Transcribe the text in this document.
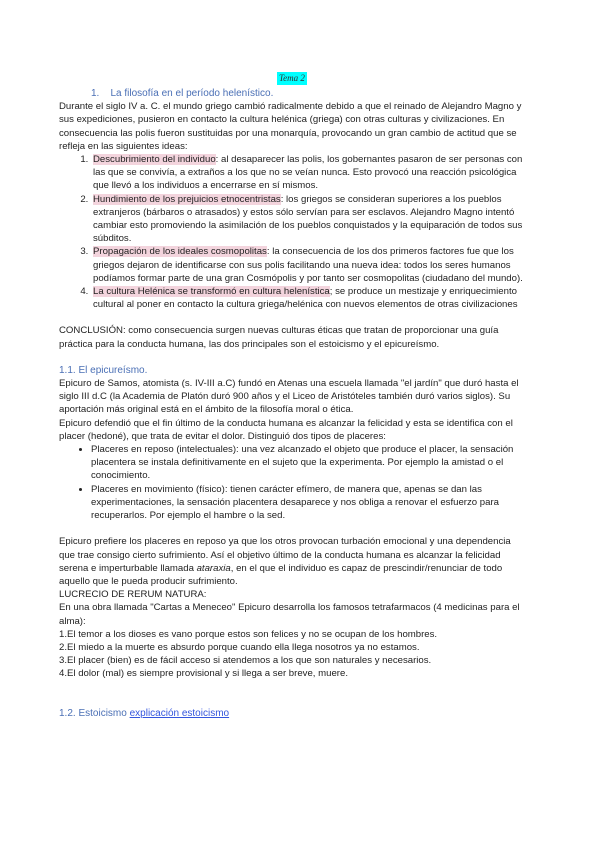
Tema 2

1. La filosofía en el período helenístico.

Durante el siglo IV a. C. el mundo griego cambió radicalmente debido a que el reinado de Alejandro Magno y sus expediciones, pusieron en contacto la cultura helénica (griega) con otras culturas y civilizaciones. En consecuencia las polis fueron sustituidas por una monarquía, provocando un gran cambio de actitud que se refleja en las siguientes ideas:

1. Descubrimiento del individuo: al desaparecer las polis, los gobernantes pasaron de ser personas con las que se convivía, a extraños a los que no se veían nunca. Esto provocó una reacción psicológica que llevó a los individuos a encerrarse en sí mismos.
2. Hundimiento de los prejuicios etnocentristas: los griegos se consideran superiores a los pueblos extranjeros (bárbaros o atrasados) y estos sólo servían para ser esclavos. Alejandro Magno intentó cambiar esto promoviendo la asimilación de los pueblos conquistados y la equiparación de todos sus súbditos.
3. Propagación de los ideales cosmopolitas: la consecuencia de los dos primeros factores fue que los griegos dejaron de identificarse con sus polis facilitando una nueva idea: todos los seres humanos podíamos formar parte de una gran Cosmópolis y por tanto ser cosmopolitas (ciudadano del mundo).
4. La cultura Helénica se transformó en cultura helenística; se produce un mestizaje y enriquecimiento cultural al poner en contacto la cultura griega/helénica con nuevos elementos de otras civilizaciones

CONCLUSIÓN: como consecuencia surgen nuevas culturas éticas que tratan de proporcionar una guía práctica para la conducta humana, las dos principales son el estoicismo y el epicureísmo.

1.1. El epicureísmo.

Epicuro de Samos, atomista (s. IV-III a.C) fundó en Atenas una escuela llamada "el jardín" que duró hasta el siglo III d.C (la Academia de Platón duró 900 años y el Liceo de Aristóteles también duró varios siglos). Su aportación más original está en el ámbito de la filosofía moral o ética.

Epicuro defendió que el fin último de la conducta humana es alcanzar la felicidad y esta se identifica con el placer (hedoné), que trata de evitar el dolor. Distinguió dos tipos de placeres:

• Placeres en reposo (intelectuales): una vez alcanzado el objeto que produce el placer, la sensación placentera se instala definitivamente en el sujeto que la experimenta. Por ejemplo la amistad o el conocimiento.
• Placeres en movimiento (físico): tienen carácter efímero, de manera que, apenas se dan las experimentaciones, la sensación placentera desaparece y nos obliga a renovar el esfuerzo para recuperarlos. Por ejemplo el hambre o la sed.

Epicuro prefiere los placeres en reposo ya que los otros provocan turbación emocional y una dependencia que trae consigo cierto sufrimiento. Así el objetivo último de la conducta humana es alcanzar la felicidad serena e imperturbable llamada ataraxia, en el que el individuo es capaz de prescindir/renunciar de todo aquello que le pueda producir sufrimiento.

LUCRECIO DE RERUM NATURA:

En una obra llamada "Cartas a Meneceo" Epicuro desarrolla los famosos tetrafarmacos (4 medicinas para el alma):

1.El temor a los dioses es vano porque estos son felices y no se ocupan de los hombres.

2.El miedo a la muerte es absurdo porque cuando ella llega nosotros ya no estamos.

3.El placer (bien) es de fácil acceso si atendemos a los que son naturales y necesarios.

4.El dolor (mal) es siempre provisional y si llega a ser breve, muere.

1.2. Estoicismo explicación estoicismo
